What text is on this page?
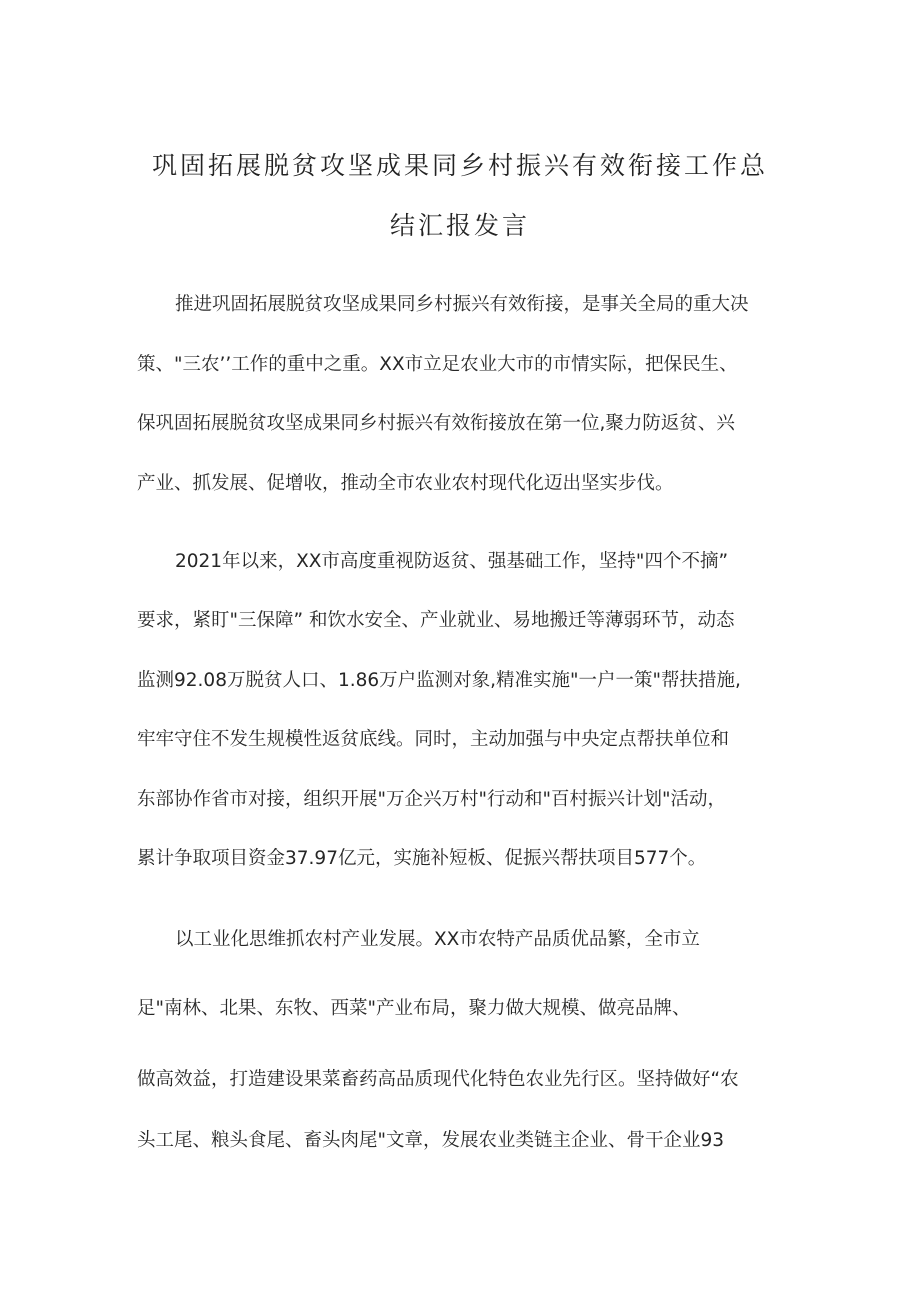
巩固拓展脱贫攻坚成果同乡村振兴有效衔接工作总
结汇报发言
推进巩固拓展脱贫攻坚成果同乡村振兴有效衔接，是事关全局的重大决
策、"三农’’工作的重中之重。XX市立足农业大市的市情实际，把保民生、
保巩固拓展脱贫攻坚成果同乡村振兴有效衔接放在第一位,聚力防返贫、兴
产业、抓发展、促增收，推动全市农业农村现代化迈出坚实步伐。
2021年以来，XX市高度重视防返贫、强基础工作，坚持"四个不摘”
要求，紧盯"三保障” 和饮水安全、产业就业、易地搬迁等薄弱环节，动态
监测92.08万脱贫人口、1.86万户监测对象,精准实施"一户一策"帮扶措施,
牢牢守住不发生规模性返贫底线。同时，主动加强与中央定点帮扶单位和
东部协作省市对接，组织开展"万企兴万村"行动和"百村振兴计划"活动，
累计争取项目资金37.97亿元，实施补短板、促振兴帮扶项目577个。
以工业化思维抓农村产业发展。XX市农特产品质优品繁，全市立
足"南林、北果、东牧、西菜"产业布局，聚力做大规模、做亮品牌、
做高效益，打造建设果菜畜药高品质现代化特色农业先行区。坚持做好“农
头工尾、粮头食尾、畜头肉尾"文章，发展农业类链主企业、骨干企业93
